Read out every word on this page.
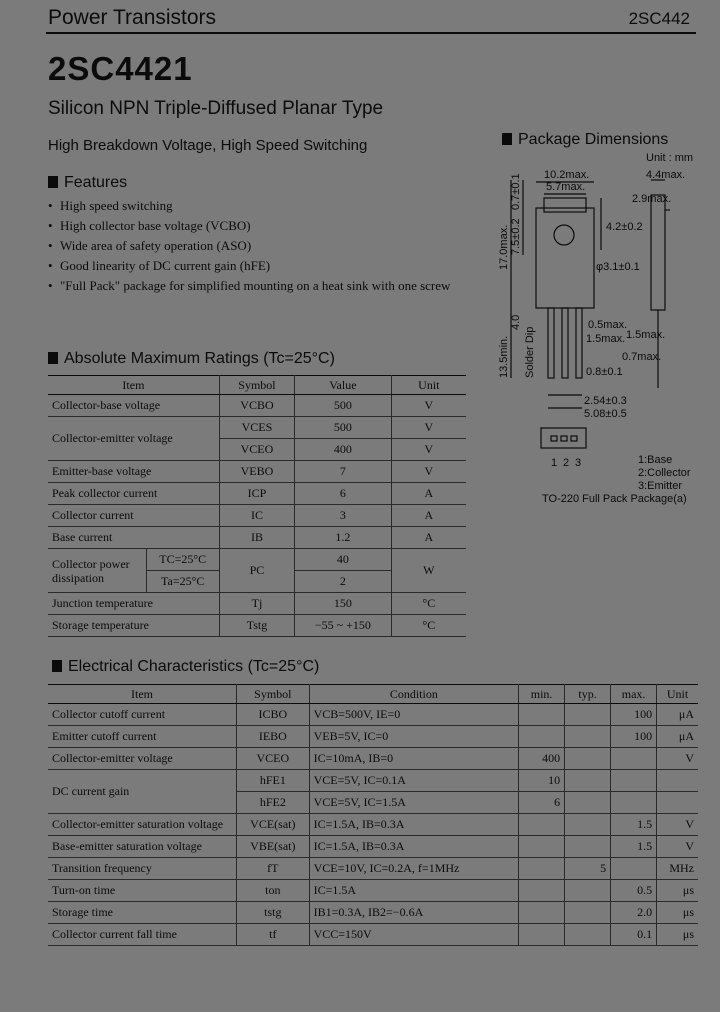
Power Transistors	2SC442
2SC4421
Silicon NPN Triple-Diffused Planar Type
High Breakdown Voltage, High Speed Switching
Features
• High speed switching
• High collector base voltage (VCBO)
• Wide area of safety operation (ASO)
• Good linearity of DC current gain (hFE)
• "Full Pack" package for simplified mounting on a heat sink with one screw
Package Dimensions
Unit : mm
10.2max.
5.7max.
4.2±0.2
φ3.1±0.1
0.5max.
1.5max. 1.5max.
0.7max.
0.8±0.1
2.54±0.3
5.08±0.5
4.4max.
2.9max.
17.0max.
0.7±0.1
7.5±0.2
4.0
13.5min. Solder Dip
1 2 3	1:Base
2:Collector
3:Emitter
TO-220 Full Pack Package(a)
Absolute Maximum Ratings (Tc=25°C)
Item		Symbol	Value	Unit
Collector-base voltage		VCBO	500	V
Collector-emitter voltage		VCES	500	V
		VCEO	400	V
Emitter-base voltage		VEBO	7	V
Peak collector current		ICP	6	A
Collector current		IC	3	A
Base current		IB	1.2	A
Collector power dissipation	TC=25°C	PC	40	W
	Ta=25°C		2	
Junction temperature		Tj	150	°C
Storage temperature		Tstg	−55 ~ +150	°C
Electrical Characteristics (Tc=25°C)
Item	Symbol	Condition	min.	typ.	max.	Unit
Collector cutoff current	ICBO	VCB=500V, IE=0			100	μA
Emitter cutoff current	IEBO	VEB=5V, IC=0			100	μA
Collector-emitter voltage	VCEO	IC=10mA, IB=0	400			V
DC current gain	hFE1	VCE=5V, IC=0.1A	10			
	hFE2	VCE=5V, IC=1.5A	6			
Collector-emitter saturation voltage	VCE(sat)	IC=1.5A, IB=0.3A			1.5	V
Base-emitter saturation voltage	VBE(sat)	IC=1.5A, IB=0.3A			1.5	V
Transition frequency	fT	VCE=10V, IC=0.2A, f=1MHz		5		MHz
Turn-on time	ton	IC=1.5A			0.5	μs
Storage time	tstg	IB1=0.3A, IB2=−0.6A			2.0	μs
Collector current fall time	tf	VCC=150V			0.1	μs
